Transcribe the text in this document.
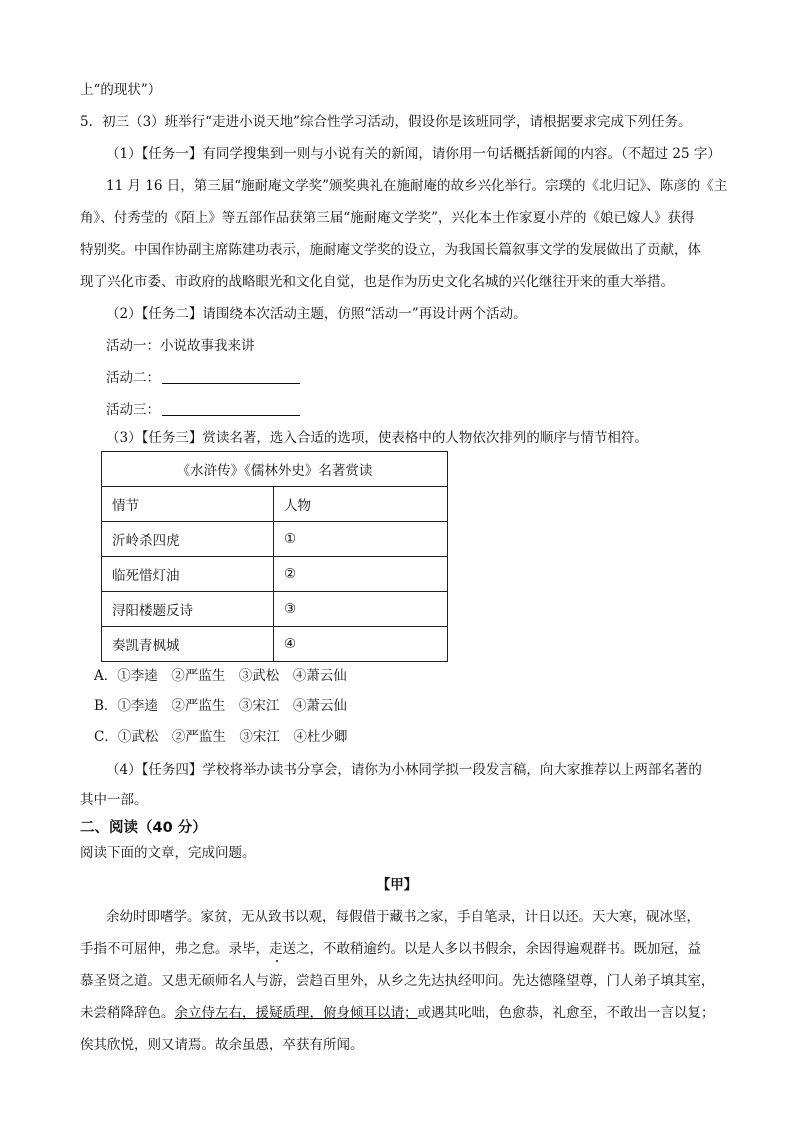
上“的现状”）
5．初三（3）班举行“走进小说天地”综合性学习活动，假设你是该班同学，请根据要求完成下列任务。
（1）【任务一】有同学搜集到一则与小说有关的新闻，请你用一句话概括新闻的内容。（不超过 25 字）
11 月 16 日，第三届“施耐庵文学奖”颁奖典礼在施耐庵的故乡兴化举行。宗璞的《北归记》、陈彦的《主
角》、付秀莹的《陌上》等五部作品获第三届“施耐庵文学奖”，兴化本土作家夏小芹的《娘已嫁人》获得
特别奖。中国作协副主席陈建功表示，施耐庵文学奖的设立，为我国长篇叙事文学的发展做出了贡献，体
现了兴化市委、市政府的战略眼光和文化自觉，也是作为历史文化名城的兴化继往开来的重大举措。
（2）【任务二】请围绕本次活动主题，仿照“活动一”再设计两个活动。
活动一：小说故事我来讲
活动二：
活动三：
（3）【任务三】赏读名著，选入合适的选项，使表格中的人物依次排列的顺序与情节相符。
《水浒传》《儒林外史》名著赏读	
情节	人物
沂岭杀四虎	①
临死惜灯油	②
浔阳楼题反诗	③
奏凯青枫城	④
A．①李逵　②严监生　③武松　④萧云仙
B．①李逵　②严监生　③宋江　④萧云仙
C．①武松　②严监生　③宋江　④杜少卿
（4）【任务四】学校将举办读书分享会，请你为小林同学拟一段发言稿，向大家推荐以上两部名著的
其中一部。
二、阅读（40 分）
阅读下面的文章，完成问题。
【甲】
余幼时即嗜学。家贫，无从致书以观，每假借于藏书之家，手自笔录，计日以还。天大寒，砚冰坚，
手指不可屈伸，弗之怠。录毕，走送之，不敢稍逾约。以是人多以书假余，余因得遍观群书。既加冠，益
慕圣贤之道。又患无硕师名人与游，尝趋百里外，从乡之先达执经叩问。先达德隆望尊，门人弟子填其室，
未尝稍降辞色。余立侍左右，援疑质理，俯身倾耳以请；或遇其叱咄，色愈恭，礼愈至，不敢出一言以复；
俟其欣悦，则又请焉。故余虽愚，卒获有所闻。
